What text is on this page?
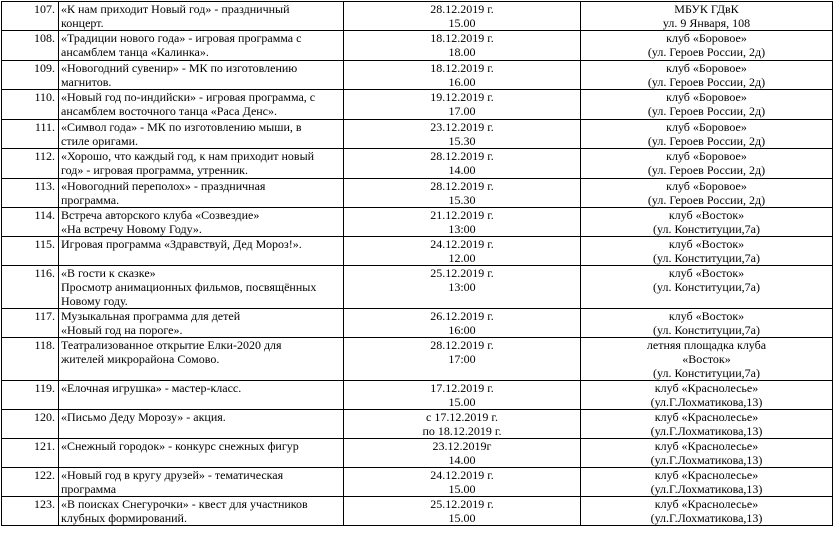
107.	«К нам приходит Новый год» - праздничный
концерт.	28.12.2019 г.
15.00	МБУК ГДвК
ул. 9 Января, 108

108.	«Традиции нового года» - игровая программа с
ансамблем танца «Калинка».	18.12.2019 г.
18.00	клуб «Боровое»
(ул. Героев России, 2д)

109.	«Новогодний сувенир» - МК по изготовлению
магнитов.	18.12.2019 г.
16.00	клуб «Боровое»
(ул. Героев России, 2д)

110.	«Новый год по-индийски» - игровая программа, с
ансамблем восточного танца «Раса Денс».	19.12.2019 г.
17.00	клуб «Боровое»
(ул. Героев России, 2д)

111.	«Символ года» - МК по изготовлению мыши, в
стиле оригами.	23.12.2019 г.
15.30	клуб «Боровое»
(ул. Героев России, 2д)

112.	«Хорошо, что каждый год, к нам приходит новый
год» - игровая программа, утренник.	28.12.2019 г.
14.00	клуб «Боровое»
(ул. Героев России, 2д)

113.	«Новогодний переполох» - праздничная
программа.	28.12.2019 г.
15.30	клуб «Боровое»
(ул. Героев России, 2д)

114.	Встреча авторского клуба «Созвездие»
«На встречу Новому Году».	21.12.2019 г.
13:00	клуб «Восток»
(ул. Конституции,7а)

115.	Игровая программа «Здравствуй, Дед Мороз!».	24.12.2019 г.
12.00	клуб «Восток»
(ул. Конституции,7а)

116.	«В гости к сказке»
Просмотр анимационных фильмов, посвящённых
Новому году.	25.12.2019 г.
13:00	клуб «Восток»
(ул. Конституции,7а)

117.	Музыкальная программа для детей
«Новый год на пороге».	26.12.2019 г.
16:00	клуб «Восток»
(ул. Конституции,7а)

118.	Театрализованное открытие Елки-2020 для
жителей микрорайона Сомово.	28.12.2019 г.
17:00	летняя площадка клуба
«Восток»
(ул. Конституции,7а)

119.	«Елочная игрушка» - мастер-класс.	17.12.2019 г.
15.00	клуб «Краснолесье»
(ул.Г.Лохматикова,13)

120.	«Письмо Деду Морозу» - акция.	с 17.12.2019 г.
по 18.12.2019 г.	клуб «Краснолесье»
(ул.Г.Лохматикова,13)

121.	«Снежный городок» - конкурс снежных фигур	23.12.2019г
14.00	клуб «Краснолесье»
(ул.Г.Лохматикова,13)

122.	«Новый год в кругу друзей» - тематическая
программа	24.12.2019 г.
15.00	клуб «Краснолесье»
(ул.Г.Лохматикова,13)

123.	«В поисках Снегурочки» - квест для участников
клубных формирований.	25.12.2019 г.
15.00	клуб «Краснолесье»
(ул.Г.Лохматикова,13)
